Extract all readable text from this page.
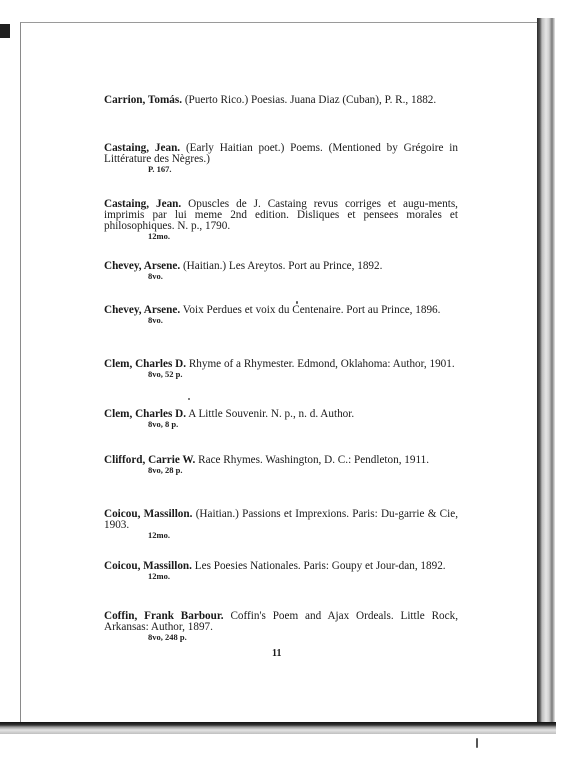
Carrion, Tomás. (Puerto Rico.) Poesias. Juana Diaz (Cuban), P. R., 1882.
Castaing, Jean. (Early Haitian poet.) Poems. (Mentioned by Grégoire in Littérature des Nègres.)
P. 167.
Castaing, Jean. Opuscles de J. Castaing revus corriges et augu-ments, imprimis par lui meme 2nd edition. Disliques et pensees morales et philosophiques. N. p., 1790.
12mo.
Chevey, Arsene. (Haitian.) Les Areytos. Port au Prince, 1892.
8vo.
Chevey, Arsene. Voix Perdues et voix du Centenaire. Port au Prince, 1896.
8vo.
Clem, Charles D. Rhyme of a Rhymester. Edmond, Oklahoma: Author, 1901.
8vo, 52 p.
Clem, Charles D. A Little Souvenir. N. p., n. d. Author.
8vo, 8 p.
Clifford, Carrie W. Race Rhymes. Washington, D. C.: Pendleton, 1911.
8vo, 28 p.
Coicou, Massillon. (Haitian.) Passions et Imprexions. Paris: Du-garrie & Cie, 1903.
12mo.
Coicou, Massillon. Les Poesies Nationales. Paris: Goupy et Jour-dan, 1892.
12mo.
Coffin, Frank Barbour. Coffin's Poem and Ajax Ordeals. Little Rock, Arkansas: Author, 1897.
8vo, 248 p.
11
